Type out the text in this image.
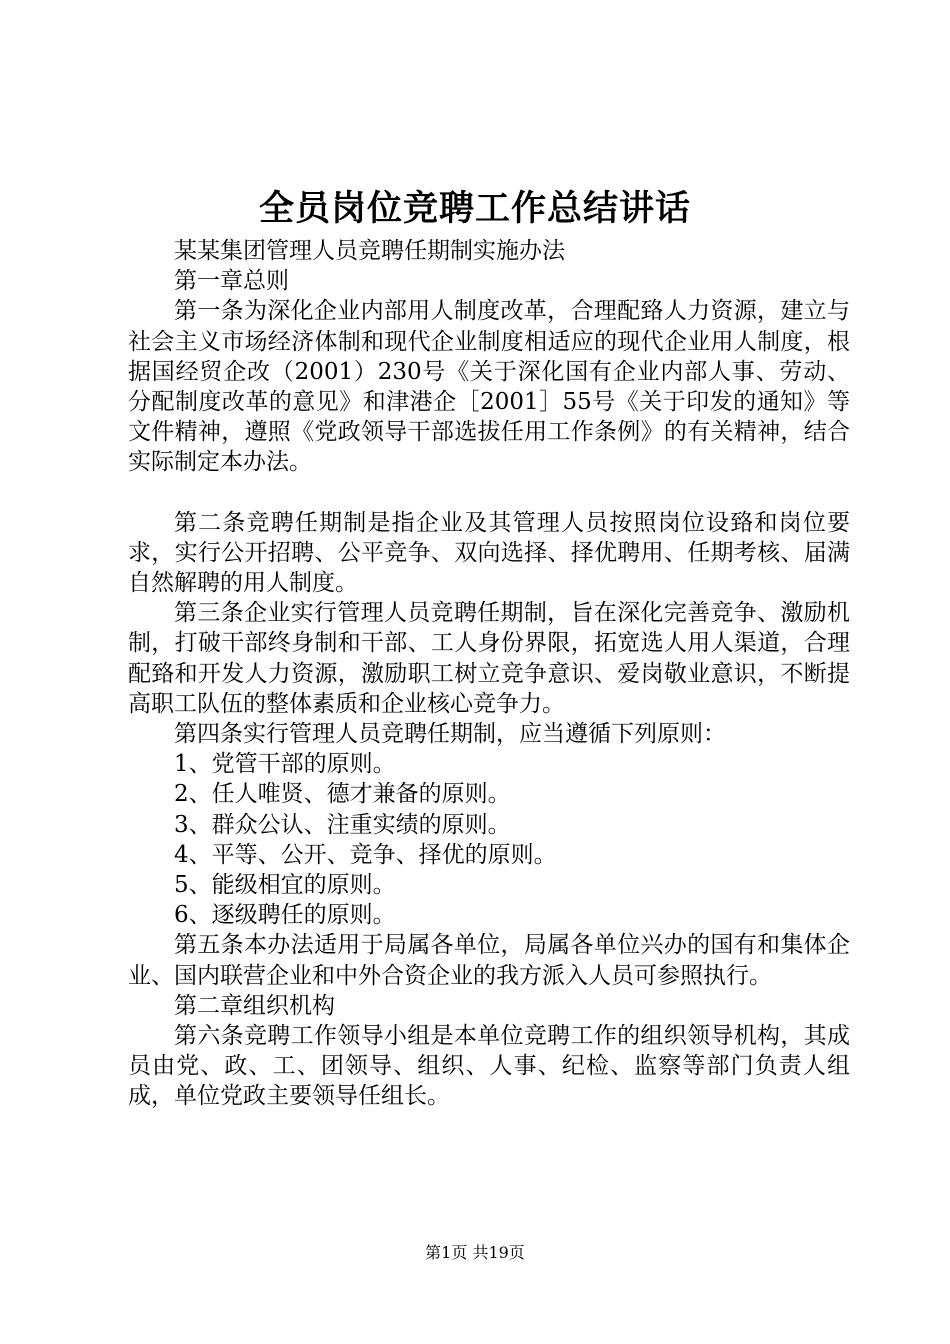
全员岗位竞聘工作总结讲话

某某集团管理人员竞聘任期制实施办法

第一章总则

第一条为深化企业内部用人制度改革，合理配臵人力资源，建立与社会主义市场经济体制和现代企业制度相适应的现代企业用人制度，根据国经贸企改（2001）230号《关于深化国有企业内部人事、劳动、分配制度改革的意见》和津港企［2001］55号《关于印发的通知》等文件精神，遵照《党政领导干部选拔任用工作条例》的有关精神，结合实际制定本办法。

第二条竞聘任期制是指企业及其管理人员按照岗位设臵和岗位要求，实行公开招聘、公平竞争、双向选择、择优聘用、任期考核、届满自然解聘的用人制度。

第三条企业实行管理人员竞聘任期制，旨在深化完善竞争、激励机制，打破干部终身制和干部、工人身份界限，拓宽选人用人渠道，合理配臵和开发人力资源，激励职工树立竞争意识、爱岗敬业意识，不断提高职工队伍的整体素质和企业核心竞争力。

第四条实行管理人员竞聘任期制，应当遵循下列原则：

1、党管干部的原则。

2、任人唯贤、德才兼备的原则。

3、群众公认、注重实绩的原则。

4、平等、公开、竞争、择优的原则。

5、能级相宜的原则。

6、逐级聘任的原则。

第五条本办法适用于局属各单位，局属各单位兴办的国有和集体企业、国内联营企业和中外合资企业的我方派入人员可参照执行。

第二章组织机构

第六条竞聘工作领导小组是本单位竞聘工作的组织领导机构，其成员由党、政、工、团领导、组织、人事、纪检、监察等部门负责人组成，单位党政主要领导任组长。

第1页 共19页
